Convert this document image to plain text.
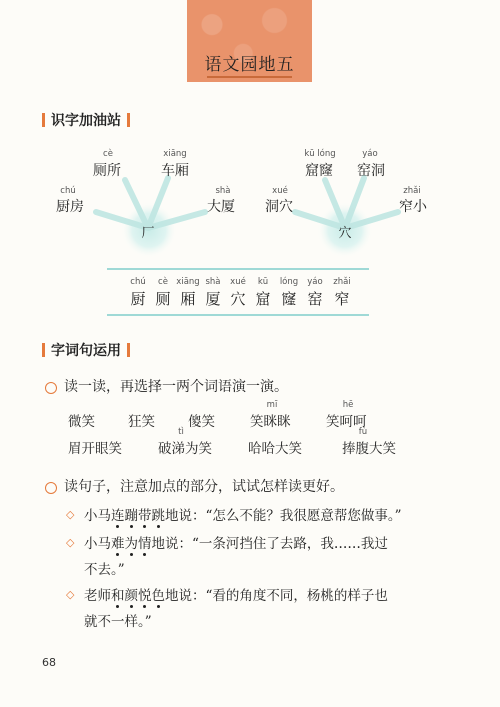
语文园地五
识字加油站
chú
厨房
cè
厕所
xiāng
车厢
shà
大厦
厂
xué
洞穴
kū lóng
窟窿
yáo
窑洞
zhǎi
窄小
穴
chú
厨
cè
厕
xiāng
厢
shà
厦
xué
穴
kū
窟
lóng
窿
yáo
窑
zhǎi
窄
字词句运用
读一读，再选择一两个词语演一演。
微笑 狂笑 傻笑
mī
笑眯眯
hē
笑呵呵
眉开眼笑
tì
破涕为笑	哈哈大笑
fù
捧腹大笑
读句子，注意加点的部分，试试怎样读更好。
◇ 小马连蹦带跳地说：“怎么不能？我很愿意帮您做事。”
◇ 小马难为情地说：“一条河挡住了去路，我……我过
不去。”
◇ 老师和颜悦色地说：“看的角度不同，杨桃的样子也
就不一样。”
68
